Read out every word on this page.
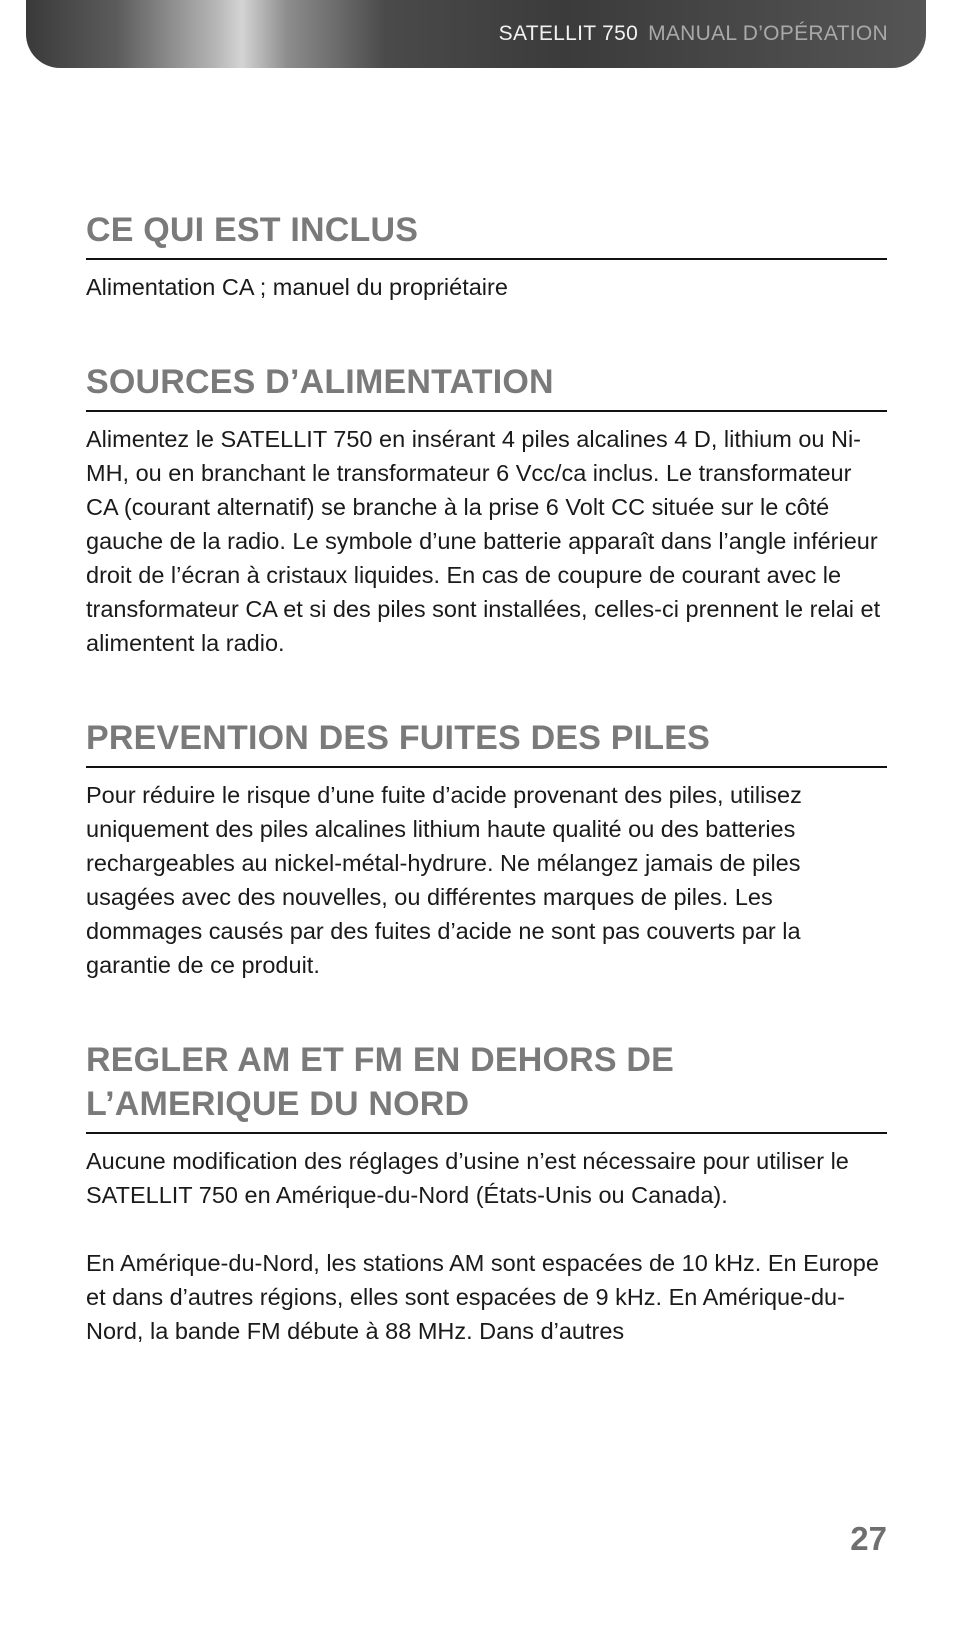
SATELLIT 750 MANUAL D’OPÉRATION
CE QUI EST INCLUS

Alimentation CA ; manuel du propriétaire

SOURCES D’ALIMENTATION

Alimentez le SATELLIT 750 en insérant 4 piles alcalines 4 D, lithium ou Ni-MH, ou en branchant le transformateur 6 Vcc/ca inclus. Le transformateur CA (courant alternatif) se branche à la prise 6 Volt CC située sur le côté gauche de la radio. Le symbole d’une batterie apparaît dans l’angle inférieur droit de l’écran à cristaux liquides. En cas de coupure de courant avec le transformateur CA et si des piles sont installées, celles-ci prennent le relai et alimentent la radio.

PREVENTION DES FUITES DES PILES

Pour réduire le risque d’une fuite d’acide provenant des piles, utilisez uniquement des piles alcalines lithium haute qualité ou des batteries rechargeables au nickel-métal-hydrure. Ne mélangez jamais de piles usagées avec des nouvelles, ou différentes marques de piles. Les dommages causés par des fuites d’acide ne sont pas couverts par la garantie de ce produit.

REGLER AM ET FM EN DEHORS DE L’AMERIQUE DU NORD

Aucune modification des réglages d’usine n’est nécessaire pour utiliser le SATELLIT 750 en Amérique-du-Nord (États-Unis ou Canada).

En Amérique-du-Nord, les stations AM sont espacées de 10 kHz. En Europe et dans d’autres régions, elles sont espacées de 9 kHz. En Amérique-du-Nord, la bande FM débute à 88 MHz. Dans d’autres

27
